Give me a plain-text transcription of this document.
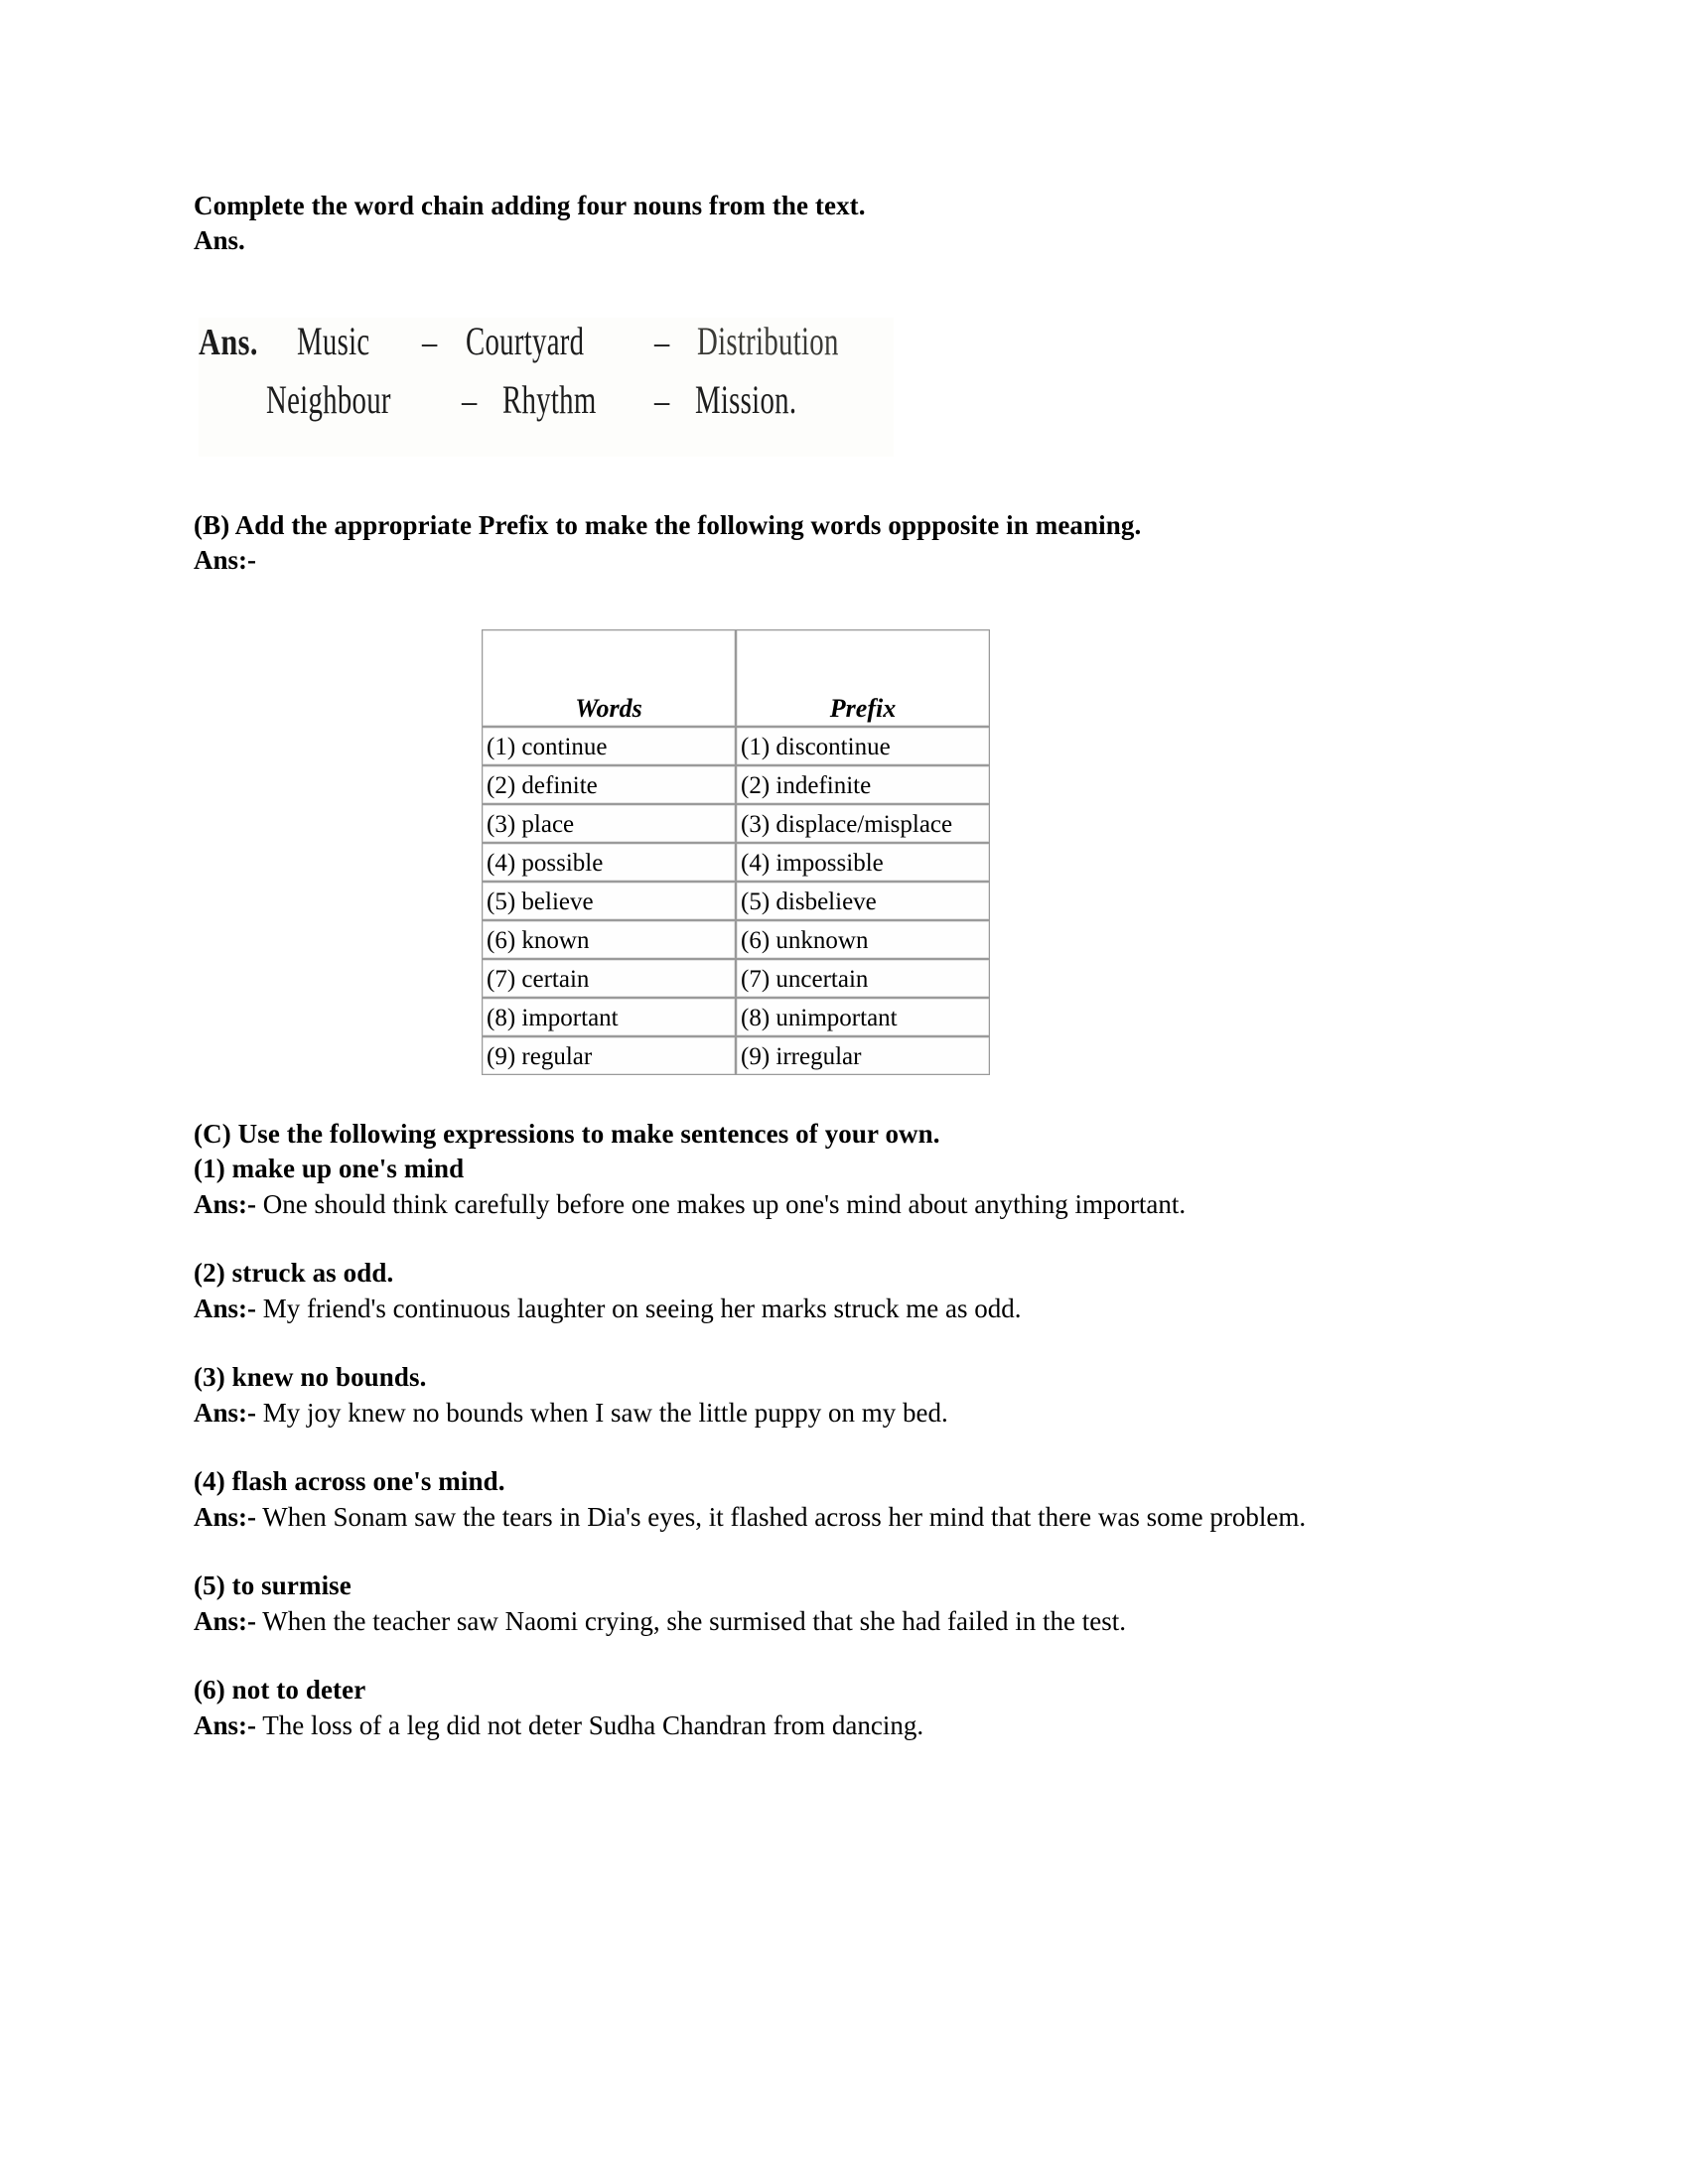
Complete the word chain adding four nouns from the text.
Ans.
Ans. Music – Courtyard – Distribution
Neighbour – Rhythm – Mission.
(B) Add the appropriate Prefix to make the following words oppposite in meaning.
Ans:-
Words	Prefix
(1) continue	(1) discontinue
(2) definite	(2) indefinite
(3) place	(3) displace/misplace
(4) possible	(4) impossible
(5) believe	(5) disbelieve
(6) known	(6) unknown
(7) certain	(7) uncertain
(8) important	(8) unimportant
(9) regular	(9) irregular
(C) Use the following expressions to make sentences of your own.
(1) make up one's mind

Ans:- One should think carefully before one makes up one's mind about anything important.

(2) struck as odd.

Ans:- My friend's continuous laughter on seeing her marks struck me as odd.

(3) knew no bounds.

Ans:- My joy knew no bounds when I saw the little puppy on my bed.

(4) flash across one's mind.

Ans:- When Sonam saw the tears in Dia's eyes, it flashed across her mind that there was some problem.

(5) to surmise

Ans:- When the teacher saw Naomi crying, she surmised that she had failed in the test.

(6) not to deter

Ans:- The loss of a leg did not deter Sudha Chandran from dancing.
